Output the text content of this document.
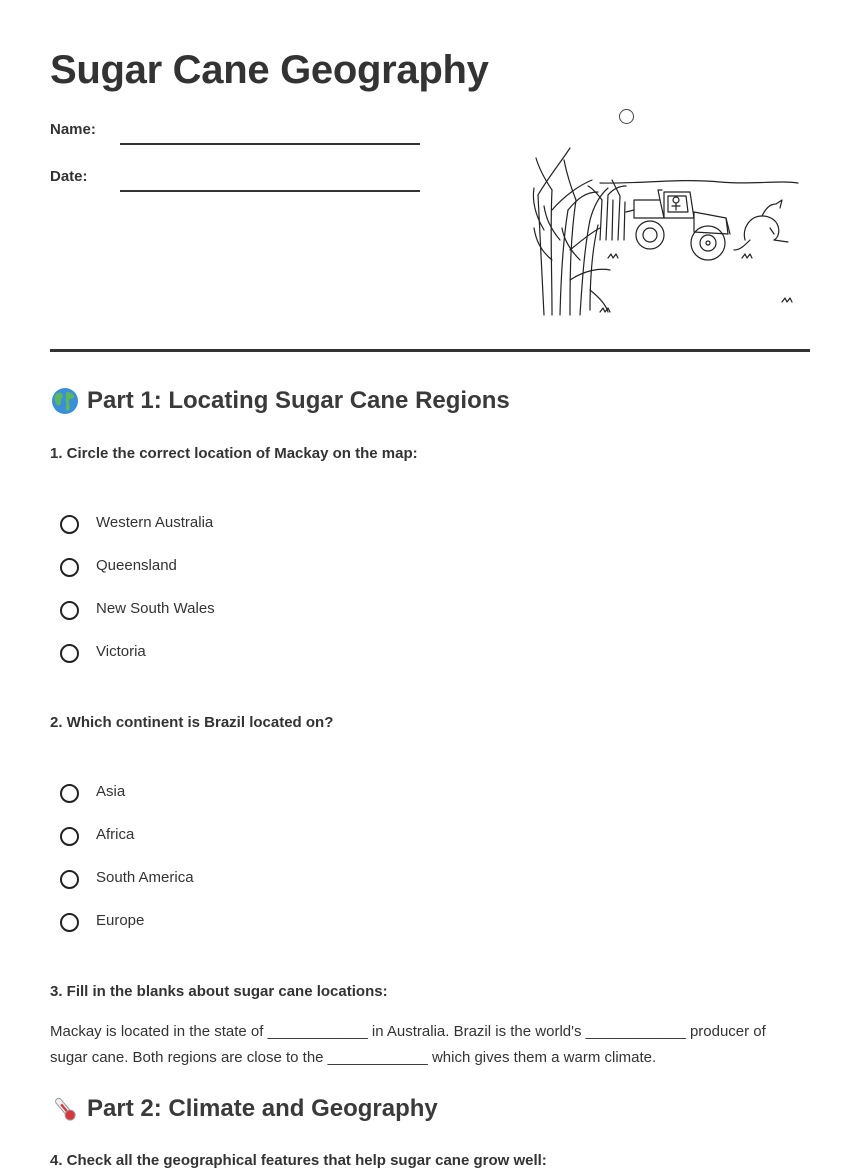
Sugar Cane Geography
Name:
Date:
Part 1: Locating Sugar Cane Regions

1. Circle the correct location of Mackay on the map:

Western Australia
Queensland
New South Wales
Victoria

2. Which continent is Brazil located on?

Asia
Africa
South America
Europe

3. Fill in the blanks about sugar cane locations:

Mackay is located in the state of ____________ in Australia. Brazil is the world's ____________ producer of sugar cane. Both regions are close to the ____________ which gives them a warm climate.

Part 2: Climate and Geography

4. Check all the geographical features that help sugar cane grow well:
